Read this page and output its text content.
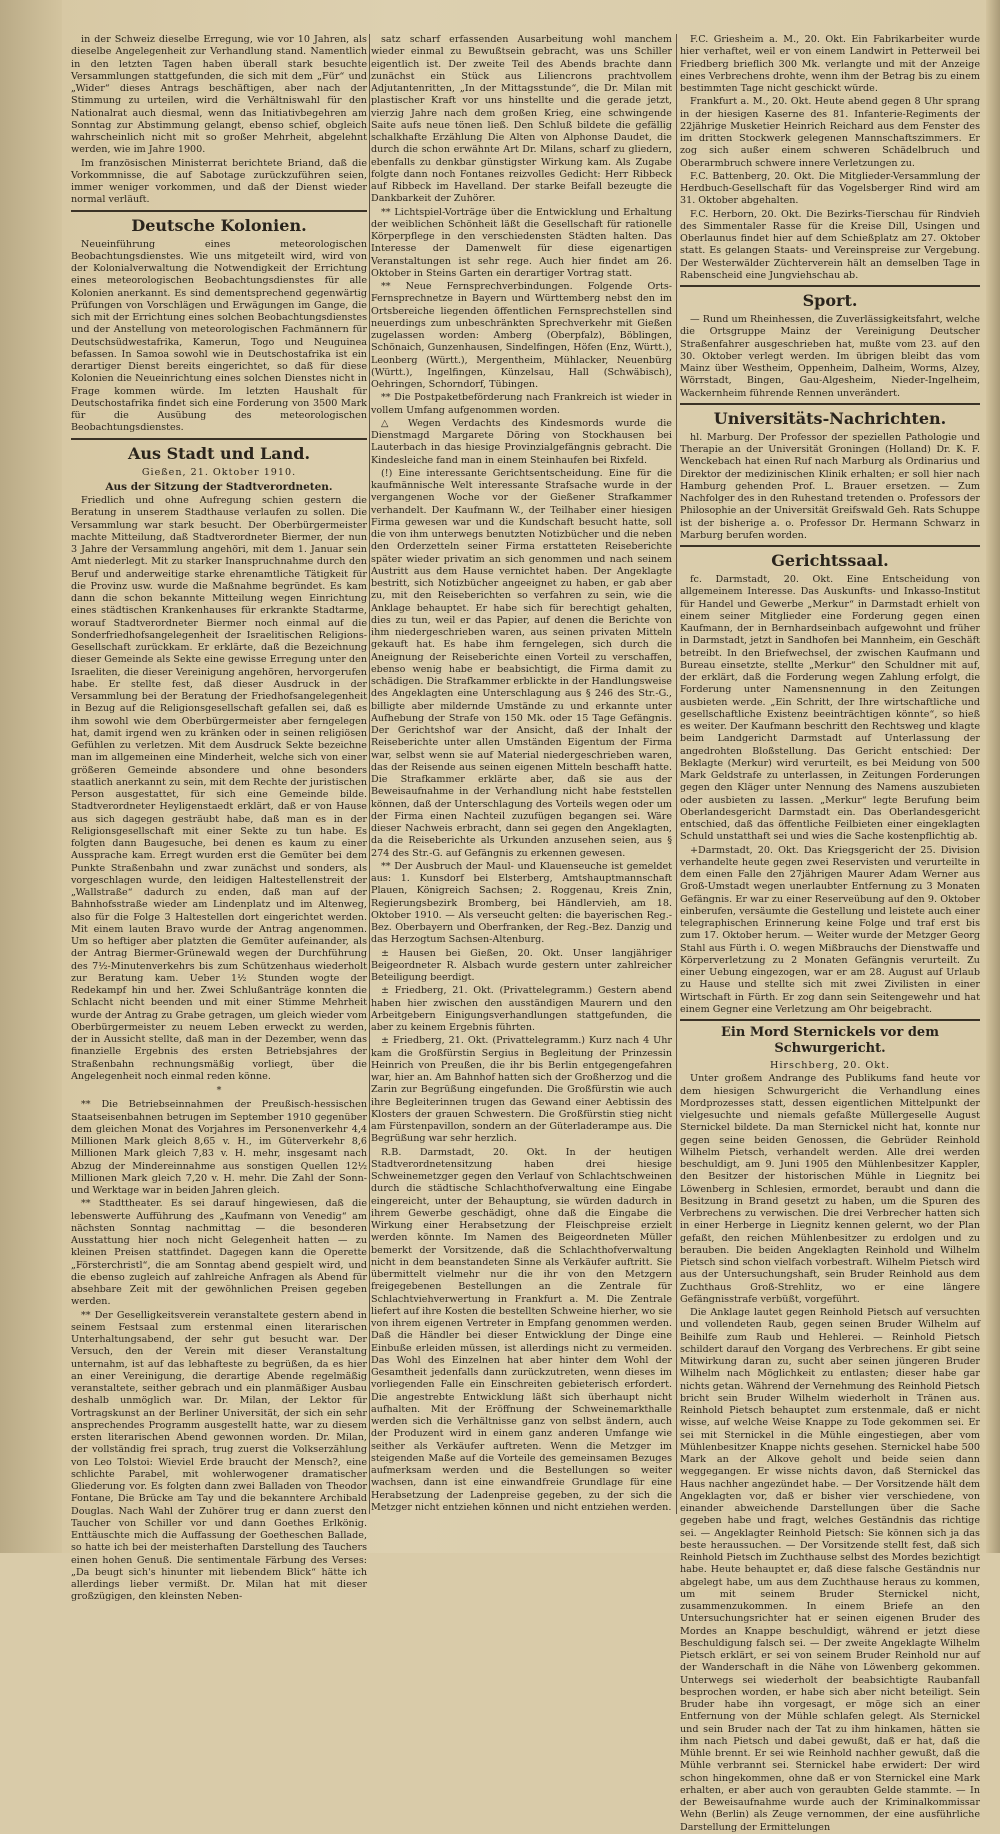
in der Schweiz dieselbe Erregung, wie vor 10 Jahren, als dieselbe Angelegenheit zur Verhandlung stand. Namentlich in den letzten Tagen haben überall stark besuchte Versammlungen stattgefunden, die sich mit dem „Für“ und „Wider“ dieses Antrags beschäftigen, aber nach der Stimmung zu urteilen, wird die Verhältniswahl für den Nationalrat auch diesmal, wenn das Initiativbegehren am Sonntag zur Abstimmung gelangt, ebenso schief, obgleich wahrscheinlich nicht mit so großer Mehrheit, abgelehnt werden, wie im Jahre 1900.

Im französischen Ministerrat berichtete Briand, daß die Vorkommnisse, die auf Sabotage zurückzuführen seien, immer weniger vorkommen, und daß der Dienst wieder normal verläuft.

Deutsche Kolonien.

Neueinführung eines meteorologischen Beobachtungsdienstes. Wie uns mitgeteilt wird, wird von der Kolonialverwaltung die Notwendigkeit der Errichtung eines meteorologischen Beobachtungsdienstes für alle Kolonien anerkannt. Es sind dementsprechend gegenwärtig Prüfungen von Vorschlägen und Erwägungen im Gange, die sich mit der Errichtung eines solchen Beobachtungsdienstes und der Anstellung von meteorologischen Fachmännern für Deutschsüdwestafrika, Kamerun, Togo und Neuguinea befassen. In Samoa sowohl wie in Deutschostafrika ist ein derartiger Dienst bereits eingerichtet, so daß für diese Kolonien die Neueinrichtung eines solchen Dienstes nicht in Frage kommen würde. Im letzten Haushalt für Deutschostafrika findet sich eine Forderung von 3500 Mark für die Ausübung des meteorologischen Beobachtungsdienstes.

Aus Stadt und Land.

Gießen, 21. Oktober 1910.

Aus der Sitzung der Stadtverordneten.

Friedlich und ohne Aufregung schien gestern die Beratung in unserem Stadthause verlaufen zu sollen. Die Versammlung war stark besucht. Der Oberbürgermeister machte Mitteilung, daß Stadtverordneter Biermer, der nun 3 Jahre der Versammlung angehöri, mit dem 1. Januar sein Amt niederlegt. Mit zu starker Inanspruchnahme durch den Beruf und anderweitige starke ehrenamtliche Tätigkeit für die Provinz usw. wurde die Maßnahme begründet. Es kam dann die schon bekannte Mitteilung wegen Einrichtung eines städtischen Krankenhauses für erkrankte Stadtarme, worauf Stadtverordneter Biermer noch einmal auf die Sonderfriedhofsangelegenheit der Israelitischen Religions-Gesellschaft zurückkam. Er erklärte, daß die Bezeichnung dieser Gemeinde als Sekte eine gewisse Erregung unter den Israeliten, die dieser Vereinigung angehören, hervorgerufen habe. Er stellte fest, daß dieser Ausdruck in der Versammlung bei der Beratung der Friedhofsangelegenheit in Bezug auf die Religionsgesellschaft gefallen sei, daß es ihm sowohl wie dem Oberbürgermeister aber ferngelegen hat, damit irgend wen zu kränken oder in seinen religiösen Gefühlen zu verletzen. Mit dem Ausdruck Sekte bezeichne man im allgemeinen eine Minderheit, welche sich von einer größeren Gemeinde absondere und ohne besonders staatlich anerkannt zu sein, mit dem Rechte der juristischen Person ausgestattet, für sich eine Gemeinde bilde. Stadtverordneter Heyligenstaedt erklärt, daß er von Hause aus sich dagegen gesträubt habe, daß man es in der Religionsgesellschaft mit einer Sekte zu tun habe. Es folgten dann Baugesuche, bei denen es kaum zu einer Aussprache kam. Erregt wurden erst die Gemüter bei dem Punkte Straßenbahn und zwar zunächst und sonders, als vorgeschlagen wurde, den leidigen Haltestellenstreit der „Wallstraße“ dadurch zu enden, daß man auf der Bahnhofsstraße wieder am Lindenplatz und im Altenweg, also für die Folge 3 Haltestellen dort eingerichtet werden. Mit einem lauten Bravo wurde der Antrag angenommen. Um so heftiger aber platzten die Gemüter aufeinander, als der Antrag Biermer-Grünewald wegen der Durchführung des 7½-Minutenverkehrs bis zum Schützenhaus wiederholt zur Beratung kam. Ueber 1½ Stunden wogte der Redekampf hin und her. Zwei Schlußanträge konnten die Schlacht nicht beenden und mit einer Stimme Mehrheit wurde der Antrag zu Grabe getragen, um gleich wieder vom Oberbürgermeister zu neuem Leben erweckt zu werden, der in Aussicht stellte, daß man in der Dezember, wenn das finanzielle Ergebnis des ersten Betriebsjahres der Straßenbahn rechnungsmäßig vorliegt, über die Angelegenheit noch einmal reden könne.

*

** Die Betriebseinnahmen der Preußisch-hessischen Staatseisenbahnen betrugen im September 1910 gegenüber dem gleichen Monat des Vorjahres im Personenverkehr 4,4 Millionen Mark gleich 8,65 v. H., im Güterverkehr 8,6 Millionen Mark gleich 7,83 v. H. mehr, insgesamt nach Abzug der Mindereinnahme aus sonstigen Quellen 12½ Millionen Mark gleich 7,20 v. H. mehr. Die Zahl der Sonn- und Werktage war in beiden Jahren gleich.

** Stadttheater. Es sei darauf hingewiesen, daß die lebenswerte Aufführung des „Kaufmann von Venedig“ am nächsten Sonntag nachmittag — die besonderen Ausstattung hier noch nicht Gelegenheit hatten — zu kleinen Preisen stattfindet. Dagegen kann die Operette „Försterchristl“, die am Sonntag abend gespielt wird, und die ebenso zugleich auf zahlreiche Anfragen als Abend für absehbare Zeit mit der gewöhnlichen Preisen gegeben werden.

** Der Geselligkeitsverein veranstaltete gestern abend in seinem Festsaal zum erstenmal einen literarischen Unterhaltungsabend, der sehr gut besucht war. Der Versuch, den der Verein mit dieser Veranstaltung unternahm, ist auf das lebhafteste zu begrüßen, da es hier an einer Vereinigung, die derartige Abende regelmäßig veranstaltete, seither gebrach und ein planmäßiger Ausbau deshalb unmöglich war. Dr. Milan, der Lektor für Vortragskunst an der Berliner Universität, der sich ein sehr ansprechendes Programm ausgestellt hatte, war zu diesem ersten literarischen Abend gewonnen worden. Dr. Milan, der vollständig frei sprach, trug zuerst die Volkserzählung von Leo Tolstoi: Wieviel Erde braucht der Mensch?, eine schlichte Parabel, mit wohlerwogener dramatischer Gliederung vor. Es folgten dann zwei Balladen von Theodor Fontane, Die Brücke am Tay und die bekanntere Archibald Douglas. Nach Wahl der Zuhörer trug er dann zuerst den Taucher von Schiller vor und dann Goethes Erlkönig. Enttäuschte mich die Auffassung der Goetheschen Ballade, so hatte ich bei der meisterhaften Darstellung des Tauchers einen hohen Genuß. Die sentimentale Färbung des Verses: „Da beugt sich's hinunter mit liebendem Blick“ hätte ich allerdings lieber vermißt. Dr. Milan hat mit dieser großzügigen, den kleinsten Neben-

satz scharf erfassenden Ausarbeitung wohl manchem wieder einmal zu Bewußtsein gebracht, was uns Schiller eigentlich ist. Der zweite Teil des Abends brachte dann zunächst ein Stück aus Liliencrons prachtvollem Adjutantenritten, „In der Mittagsstunde“, die Dr. Milan mit plastischer Kraft vor uns hinstellte und die gerade jetzt, vierzig Jahre nach dem großen Krieg, eine schwingende Saite aufs neue tönen ließ. Den Schluß bildete die gefällig schalkhafte Erzählung Die Alten von Alphonse Daudet, die durch die schon erwähnte Art Dr. Milans, scharf zu gliedern, ebenfalls zu denkbar günstigster Wirkung kam. Als Zugabe folgte dann noch Fontanes reizvolles Gedicht: Herr Ribbeck auf Ribbeck im Havelland. Der starke Beifall bezeugte die Dankbarkeit der Zuhörer.

** Lichtspiel-Vorträge über die Entwicklung und Erhaltung der weiblichen Schönheit läßt die Gesellschaft für rationelle Körperpflege in den verschiedensten Städten halten. Das Interesse der Damenwelt für diese eigenartigen Veranstaltungen ist sehr rege. Auch hier findet am 26. Oktober in Steins Garten ein derartiger Vortrag statt.

** Neue Fernsprechverbindungen. Folgende Orts-Fernsprechnetze in Bayern und Württemberg nebst den im Ortsbereiche liegenden öffentlichen Fernsprechstellen sind neuerdings zum unbeschränkten Sprechverkehr mit Gießen zugelassen worden: Amberg (Oberpfalz), Böblingen, Schönaich, Gunzenhausen, Sindelfingen, Höfen (Enz, Württ.), Leonberg (Württ.), Mergentheim, Mühlacker, Neuenbürg (Württ.), Ingelfingen, Künzelsau, Hall (Schwäbisch), Oehringen, Schorndorf, Tübingen.

** Die Postpaketbeförderung nach Frankreich ist wieder in vollem Umfang aufgenommen worden.

△ Wegen Verdachts des Kindesmords wurde die Dienstmagd Margarete Döring von Stockhausen bei Lauterbach in das hiesige Provinzialgefängnis gebracht. Die Kindesleiche fand man in einem Steinhaufen bei Rixfeld.

(!) Eine interessante Gerichtsentscheidung. Eine für die kaufmännische Welt interessante Strafsache wurde in der vergangenen Woche vor der Gießener Strafkammer verhandelt. Der Kaufmann W., der Teilhaber einer hiesigen Firma gewesen war und die Kundschaft besucht hatte, soll die von ihm unterwegs benutzten Notizbücher und die neben den Orderzetteln seiner Firma erstatteten Reiseberichte später wieder privatim an sich genommen und nach seinem Austritt aus dem Hause vernichtet haben. Der Angeklagte bestritt, sich Notizbücher angeeignet zu haben, er gab aber zu, mit den Reiseberichten so verfahren zu sein, wie die Anklage behauptet. Er habe sich für berechtigt gehalten, dies zu tun, weil er das Papier, auf denen die Berichte von ihm niedergeschrieben waren, aus seinen privaten Mitteln gekauft hat. Es habe ihm ferngelegen, sich durch die Aneignung der Reiseberichte einen Vorteil zu verschaffen, ebenso wenig habe er beabsichtigt, die Firma damit zu schädigen. Die Strafkammer erblickte in der Handlungsweise des Angeklagten eine Unterschlagung aus § 246 des Str.-G., billigte aber mildernde Umstände zu und erkannte unter Aufhebung der Strafe von 150 Mk. oder 15 Tage Gefängnis. Der Gerichtshof war der Ansicht, daß der Inhalt der Reiseberichte unter allen Umständen Eigentum der Firma war, selbst wenn sie auf Material niedergeschrieben waren, das der Reisende aus seinen eigenen Mitteln beschafft hatte. Die Strafkammer erklärte aber, daß sie aus der Beweisaufnahme in der Verhandlung nicht habe feststellen können, daß der Unterschlagung des Vorteils wegen oder um der Firma einen Nachteil zuzufügen begangen sei. Wäre dieser Nachweis erbracht, dann sei gegen den Angeklagten, da die Reiseberichte als Urkunden anzusehen seien, aus § 274 des Str.-G. auf Gefängnis zu erkennen gewesen.

** Der Ausbruch der Maul- und Klauenseuche ist gemeldet aus: 1. Kunsdorf bei Elsterberg, Amtshauptmannschaft Plauen, Königreich Sachsen; 2. Roggenau, Kreis Znin, Regierungsbezirk Bromberg, bei Händlervieh, am 18. Oktober 1910. — Als verseucht gelten: die bayerischen Reg.-Bez. Oberbayern und Oberfranken, der Reg.-Bez. Danzig und das Herzogtum Sachsen-Altenburg.

± Hausen bei Gießen, 20. Okt. Unser langjähriger Beigeordneter R. Alsbach wurde gestern unter zahlreicher Beteiligung beerdigt.

± Friedberg, 21. Okt. (Privattelegramm.) Gestern abend haben hier zwischen den ausständigen Maurern und den Arbeitgebern Einigungsverhandlungen stattgefunden, die aber zu keinem Ergebnis führten.

± Friedberg, 21. Okt. (Privattelegramm.) Kurz nach 4 Uhr kam die Großfürstin Sergius in Begleitung der Prinzessin Heinrich von Preußen, die ihr bis Berlin entgegengefahren war, hier an. Am Bahnhof hatten sich der Großherzog und die Zarin zur Begrüßung eingefunden. Die Großfürstin wie auch ihre Begleiterinnen trugen das Gewand einer Aebtissin des Klosters der grauen Schwestern. Die Großfürstin stieg nicht am Fürstenpavillon, sondern an der Güterladerampe aus. Die Begrüßung war sehr herzlich.

R.B. Darmstadt, 20. Okt. In der heutigen Stadtverordnetensitzung haben drei hiesige Schweinemetzger gegen den Verlauf von Schlachtschweinen durch die städtische Schlachthofverwaltung eine Eingabe eingereicht, unter der Behauptung, sie würden dadurch in ihrem Gewerbe geschädigt, ohne daß die Eingabe die Wirkung einer Herabsetzung der Fleischpreise erzielt werden könnte. Im Namen des Beigeordneten Müller bemerkt der Vorsitzende, daß die Schlachthofverwaltung nicht in dem beanstandeten Sinne als Verkäufer auftritt. Sie übermittelt vielmehr nur die ihr von den Metzgern freigegebenen Bestellungen an die Zentrale für Schlachtviehverwertung in Frankfurt a. M. Die Zentrale liefert auf ihre Kosten die bestellten Schweine hierher, wo sie von ihrem eigenen Vertreter in Empfang genommen werden. Daß die Händler bei dieser Entwicklung der Dinge eine Einbuße erleiden müssen, ist allerdings nicht zu vermeiden. Das Wohl des Einzelnen hat aber hinter dem Wohl der Gesamtheit jedenfalls dann zurückzutreten, wenn dieses im vorliegenden Falle ein Einschreiten gebieterisch erfordert. Die angestrebte Entwicklung läßt sich überhaupt nicht aufhalten. Mit der Eröffnung der Schweinemarkthalle werden sich die Verhältnisse ganz von selbst ändern, auch der Produzent wird in einem ganz anderen Umfange wie seither als Verkäufer auftreten. Wenn die Metzger im steigenden Maße auf die Vorteile des gemeinsamen Bezuges aufmerksam werden und die Bestellungen so weiter wachsen, dann ist eine einwandfreie Grundlage für eine Herabsetzung der Ladenpreise gegeben, zu der sich die Metzger nicht entziehen können und nicht entziehen werden.

F.C. Griesheim a. M., 20. Okt. Ein Fabrikarbeiter wurde hier verhaftet, weil er von einem Landwirt in Petterweil bei Friedberg brieflich 300 Mk. verlangte und mit der Anzeige eines Verbrechens drohte, wenn ihm der Betrag bis zu einem bestimmten Tage nicht geschickt würde.

Frankfurt a. M., 20. Okt. Heute abend gegen 8 Uhr sprang in der hiesigen Kaserne des 81. Infanterie-Regiments der 22jährige Musketier Heinrich Reichard aus dem Fenster des im dritten Stockwerk gelegenen Mannschaftszimmers. Er zog sich außer einem schweren Schädelbruch und Oberarmbruch schwere innere Verletzungen zu.

F.C. Battenberg, 20. Okt. Die Mitglieder-Versammlung der Herdbuch-Gesellschaft für das Vogelsberger Rind wird am 31. Oktober abgehalten.

F.C. Herborn, 20. Okt. Die Bezirks-Tierschau für Rindvieh des Simmentaler Rasse für die Kreise Dill, Usingen und Oberlaunus findet hier auf dem Schießplatz am 27. Oktober statt. Es gelangen Staats- und Vereinspreise zur Vergebung. Der Westerwälder Züchterverein hält an demselben Tage in Rabenscheid eine Jungviehschau ab.

Sport.

— Rund um Rheinhessen, die Zuverlässigkeitsfahrt, welche die Ortsgruppe Mainz der Vereinigung Deutscher Straßenfahrer ausgeschrieben hat, mußte vom 23. auf den 30. Oktober verlegt werden. Im übrigen bleibt das vom Mainz über Westheim, Oppenheim, Dalheim, Worms, Alzey, Wörrstadt, Bingen, Gau-Algesheim, Nieder-Ingelheim, Wackernheim führende Rennen unverändert.

Universitäts-Nachrichten.

hl. Marburg. Der Professor der speziellen Pathologie und Therapie an der Universität Groningen (Holland) Dr. K. F. Wenckebach hat einen Ruf nach Marburg als Ordinarius und Direktor der medizinischen Klinik erhalten; er soll hier nach Hamburg gehenden Prof. L. Brauer ersetzen. — Zum Nachfolger des in den Ruhestand tretenden o. Professors der Philosophie an der Universität Greifswald Geh. Rats Schuppe ist der bisherige a. o. Professor Dr. Hermann Schwarz in Marburg berufen worden.

Gerichtssaal.

fc. Darmstadt, 20. Okt. Eine Entscheidung von allgemeinem Interesse. Das Auskunfts- und Inkasso-Institut für Handel und Gewerbe „Merkur“ in Darmstadt erhielt von einem seiner Mitglieder eine Forderung gegen einen Kaufmann, der in Bernhardseinbach aufgewohnt und früher in Darmstadt, jetzt in Sandhofen bei Mannheim, ein Geschäft betreibt. In den Briefwechsel, der zwischen Kaufmann und Bureau einsetzte, stellte „Merkur“ den Schuldner mit auf, der erklärt, daß die Forderung wegen Zahlung erfolgt, die Forderung unter Namensnennung in den Zeitungen ausbieten werde. „Ein Schritt, der Ihre wirtschaftliche und gesellschaftliche Existenz beeinträchtigen könnte“, so hieß es weiter. Der Kaufmann beschritt den Rechtsweg und klagte beim Landgericht Darmstadt auf Unterlassung der angedrohten Bloßstellung. Das Gericht entschied: Der Beklagte (Merkur) wird verurteilt, es bei Meidung von 500 Mark Geldstrafe zu unterlassen, in Zeitungen Forderungen gegen den Kläger unter Nennung des Namens auszubieten oder ausbieten zu lassen. „Merkur“ legte Berufung beim Oberlandesgericht Darmstadt ein. Das Oberlandesgericht entschied, daß das öffentliche Feilbieten einer eingeklagten Schuld unstatthaft sei und wies die Sache kostenpflichtig ab.

+Darmstadt, 20. Okt. Das Kriegsgericht der 25. Division verhandelte heute gegen zwei Reservisten und verurteilte in dem einen Falle den 27jährigen Maurer Adam Werner aus Groß-Umstadt wegen unerlaubter Entfernung zu 3 Monaten Gefängnis. Er war zu einer Reserveübung auf den 9. Oktober einberufen, versäumte die Gestellung und leistete auch einer telegraphischen Erinnerung keine Folge und traf erst bis zum 17. Oktober herum. — Weiter wurde der Metzger Georg Stahl aus Fürth i. O. wegen Mißbrauchs der Dienstwaffe und Körperverletzung zu 2 Monaten Gefängnis verurteilt. Zu einer Uebung eingezogen, war er am 28. August auf Urlaub zu Hause und stellte sich mit zwei Zivilisten in einer Wirtschaft in Fürth. Er zog dann sein Seitengewehr und hat einem Gegner eine Verletzung am Ohr beigebracht.

Ein Mord Sternickels vor dem Schwurgericht.

Hirschberg, 20. Okt.

Unter großem Andrange des Publikums fand heute vor dem hiesigen Schwurgericht die Verhandlung eines Mordprozesses statt, dessen eigentlichen Mittelpunkt der vielgesuchte und niemals gefaßte Müllergeselle August Sternickel bildete. Da man Sternickel nicht hat, konnte nur gegen seine beiden Genossen, die Gebrüder Reinhold Wilhelm Pietsch, verhandelt werden. Alle drei werden beschuldigt, am 9. Juni 1905 den Mühlenbesitzer Kappler, den Besitzer der historischen Mühle in Liegnitz bei Löwenberg in Schlesien, ermordet, beraubt und dann die Besitzung in Brand gesetzt zu haben, um die Spuren des Verbrechens zu verwischen. Die drei Verbrecher hatten sich in einer Herberge in Liegnitz kennen gelernt, wo der Plan gefaßt, den reichen Mühlenbesitzer zu erdolgen und zu berauben. Die beiden Angeklagten Reinhold und Wilhelm Pietsch sind schon vielfach vorbestraft. Wilhelm Pietsch wird aus der Untersuchungshaft, sein Bruder Reinhold aus dem Zuchthaus Groß-Strehlitz, wo er eine längere Gefängnisstrafe verbüßt, vorgeführt.

Die Anklage lautet gegen Reinhold Pietsch auf versuchten und vollendeten Raub, gegen seinen Bruder Wilhelm auf Beihilfe zum Raub und Hehlerei. — Reinhold Pietsch schildert darauf den Vorgang des Verbrechens. Er gibt seine Mitwirkung daran zu, sucht aber seinen jüngeren Bruder Wilhelm nach Möglichkeit zu entlasten; dieser habe gar nichts getan. Während der Vernehmung des Reinhold Pietsch bricht sein Bruder Wilhelm wiederholt in Tränen aus. Reinhold Pietsch behauptet zum erstenmale, daß er nicht wisse, auf welche Weise Knappe zu Tode gekommen sei. Er sei mit Sternickel in die Mühle eingestiegen, aber vom Mühlenbesitzer Knappe nichts gesehen. Sternickel habe 500 Mark an der Alkove geholt und beide seien dann weggegangen. Er wisse nichts davon, daß Sternickel das Haus nachher angezündet habe. — Der Vorsitzende hält dem Angeklagten vor, daß er bisher vier verschiedene, von einander abweichende Darstellungen über die Sache gegeben habe und fragt, welches Geständnis das richtige sei. — Angeklagter Reinhold Pietsch: Sie können sich ja das beste heraussuchen. — Der Vorsitzende stellt fest, daß sich Reinhold Pietsch im Zuchthause selbst des Mordes bezichtigt habe. Heute behauptet er, daß diese falsche Geständnis nur abgelegt habe, um aus dem Zuchthause heraus zu kommen, um mit seinem Bruder Sternickel nicht, zusammenzukommen. In einem Briefe an den Untersuchungsrichter hat er seinen eigenen Bruder des Mordes an Knappe beschuldigt, während er jetzt diese Beschuldigung falsch sei. — Der zweite Angeklagte Wilhelm Pietsch erklärt, er sei von seinem Bruder Reinhold nur auf der Wanderschaft in die Nähe von Löwenberg gekommen. Unterwegs sei wiederholt der beabsichtigte Raubanfall besprochen worden, er habe sich aber nicht beteiligt. Sein Bruder habe ihn vorgesagt, er möge sich an einer Entfernung von der Mühle schlafen gelegt. Als Sternickel und sein Bruder nach der Tat zu ihm hinkamen, hätten sie ihm nach Pietsch und dabei gewußt, daß er hat, daß die Mühle brennt. Er sei wie Reinhold nachher gewußt, daß die Mühle verbrannt sei. Sternickel habe erwidert: Der wird schon hingekommen, ohne daß er von Sternickel eine Mark erhalten, er aber auch von geraubten Gelde stammte. — In der Beweisaufnahme wurde auch der Kriminalkommissar Wehn (Berlin) als Zeuge vernommen, der eine ausführliche Darstellung der Ermittelungen
